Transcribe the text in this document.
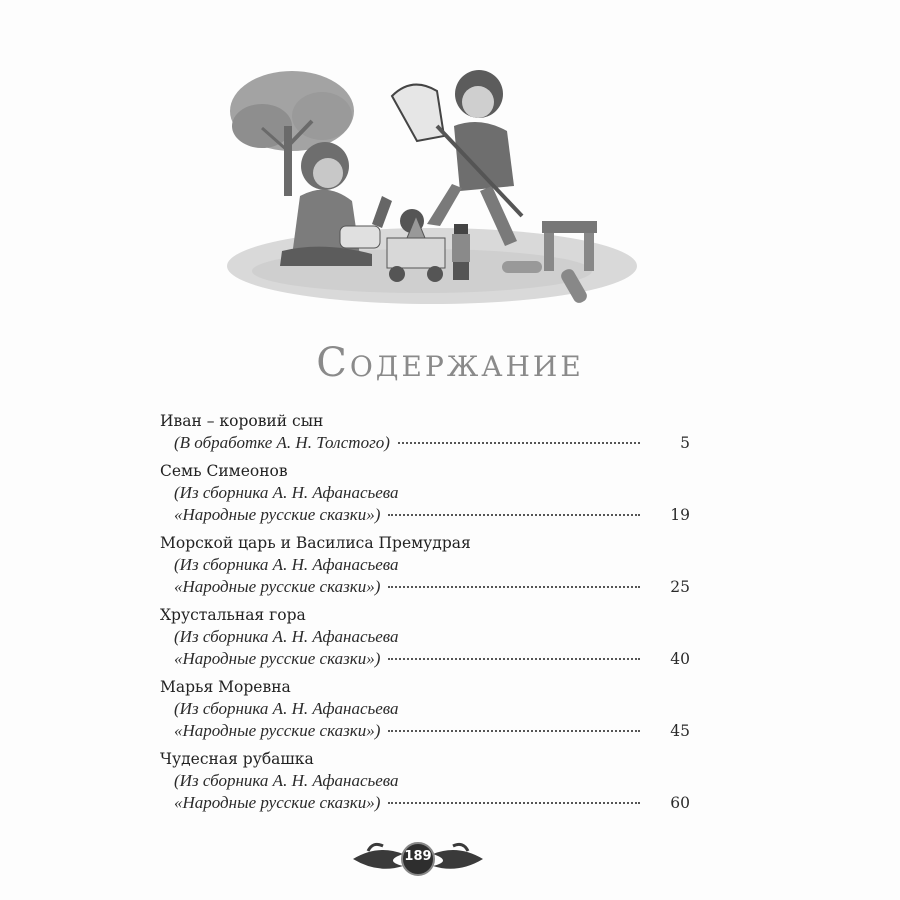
Содержание
Иван – коровий сын
(В обработке А. Н. Толстого)	5
Семь Симеонов
(Из сборника А. Н. Афанасьева
«Народные русские сказки»)	19
Морской царь и Василиса Премудрая
(Из сборника А. Н. Афанасьева
«Народные русские сказки»)	25
Хрустальная гора
(Из сборника А. Н. Афанасьева
«Народные русские сказки»)	40
Марья Моревна
(Из сборника А. Н. Афанасьева
«Народные русские сказки»)	45
Чудесная рубашка
(Из сборника А. Н. Афанасьева
«Народные русские сказки»)	60
189
